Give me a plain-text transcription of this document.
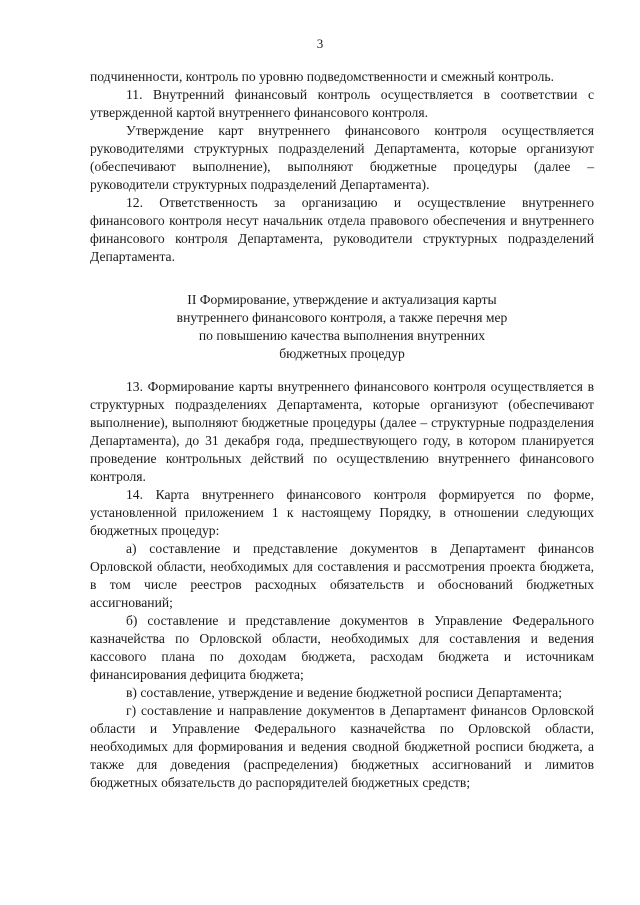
3

подчиненности, контроль по уровню подведомственности и смежный контроль.

11. Внутренний финансовый контроль осуществляется в соответствии с утвержденной картой внутреннего финансового контроля.

Утверждение карт внутреннего финансового контроля осуществляется руководителями структурных подразделений Департамента, которые организуют (обеспечивают выполнение), выполняют бюджетные процедуры (далее – руководители структурных подразделений Департамента).

12. Ответственность за организацию и осуществление внутреннего финансового контроля несут начальник отдела правового обеспечения и внутреннего финансового контроля Департамента, руководители структурных подразделений Департамента.

II Формирование, утверждение и актуализация карты
внутреннего финансового контроля, а также перечня мер
по повышению качества выполнения внутренних
бюджетных процедур

13. Формирование карты внутреннего финансового контроля осуществляется в структурных подразделениях Департамента, которые организуют (обеспечивают выполнение), выполняют бюджетные процедуры (далее – структурные подразделения Департамента), до 31 декабря года, предшествующего году, в котором планируется проведение контрольных действий по осуществлению внутреннего финансового контроля.

14. Карта внутреннего финансового контроля формируется по форме, установленной приложением 1 к настоящему Порядку, в отношении следующих бюджетных процедур:

а) составление и представление документов в Департамент финансов Орловской области, необходимых для составления и рассмотрения проекта бюджета, в том числе реестров расходных обязательств и обоснований бюджетных ассигнований;

б) составление и представление документов в Управление Федерального казначейства по Орловской области, необходимых для составления и ведения кассового плана по доходам бюджета, расходам бюджета и источникам финансирования дефицита бюджета;

в) составление, утверждение и ведение бюджетной росписи Департамента;

г) составление и направление документов в Департамент финансов Орловской области и Управление Федерального казначейства по Орловской области, необходимых для формирования и ведения сводной бюджетной росписи бюджета, а также для доведения (распределения) бюджетных ассигнований и лимитов бюджетных обязательств до распорядителей бюджетных средств;
